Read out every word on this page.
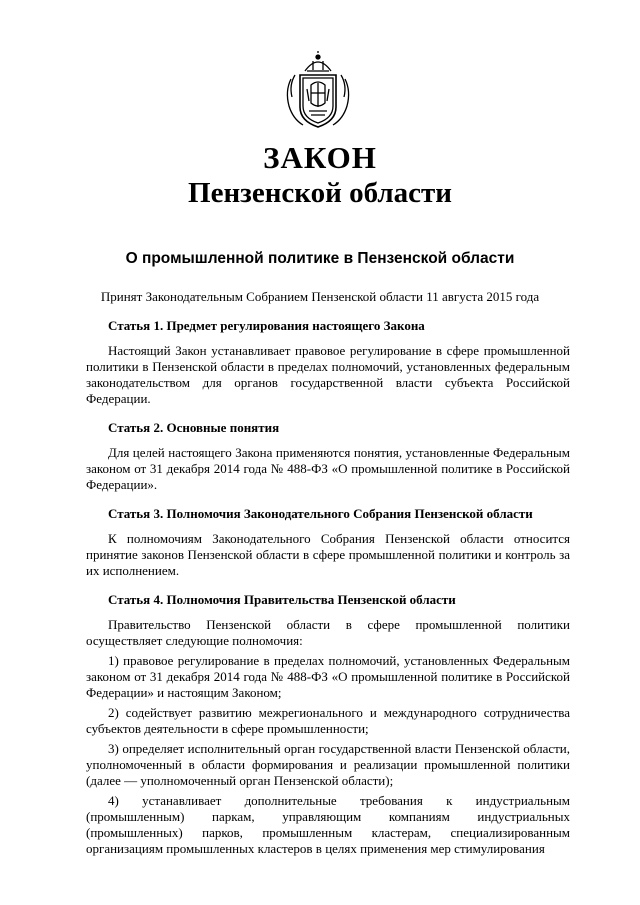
ЗАКОН
Пензенской области
О промышленной политике в Пензенской области
Принят Законодательным Собранием Пензенской области 11 августа 2015 года

Статья 1. Предмет регулирования настоящего Закона

Настоящий Закон устанавливает правовое регулирование в сфере промышленной политики в Пензенской области в пределах полномочий, установленных федеральным законодательством для органов государственной власти субъекта Российской Федерации.

Статья 2. Основные понятия

Для целей настоящего Закона применяются понятия, установленные Федеральным законом от 31 декабря 2014 года № 488-ФЗ «О промышленной политике в Российской Федерации».

Статья 3. Полномочия Законодательного Собрания Пензенской области

К полномочиям Законодательного Собрания Пензенской области относится принятие законов Пензенской области в сфере промышленной политики и контроль за их исполнением.

Статья 4. Полномочия Правительства Пензенской области

Правительство Пензенской области в сфере промышленной политики осуществляет следующие полномочия:

1) правовое регулирование в пределах полномочий, установленных Федеральным законом от 31 декабря 2014 года № 488-ФЗ «О промышленной политике в Российской Федерации» и настоящим Законом;

2) содействует развитию межрегионального и международного сотрудничества субъектов деятельности в сфере промышленности;

3) определяет исполнительный орган государственной власти Пензенской области, уполномоченный в области формирования и реализации промышленной политики (далее — уполномоченный орган Пензенской области);

4) устанавливает дополнительные требования к индустриальным (промышленным) паркам, управляющим компаниям индустриальных (промышленных) парков, промышленным кластерам, специализированным организациям промышленных кластеров в целях применения мер стимулирования
